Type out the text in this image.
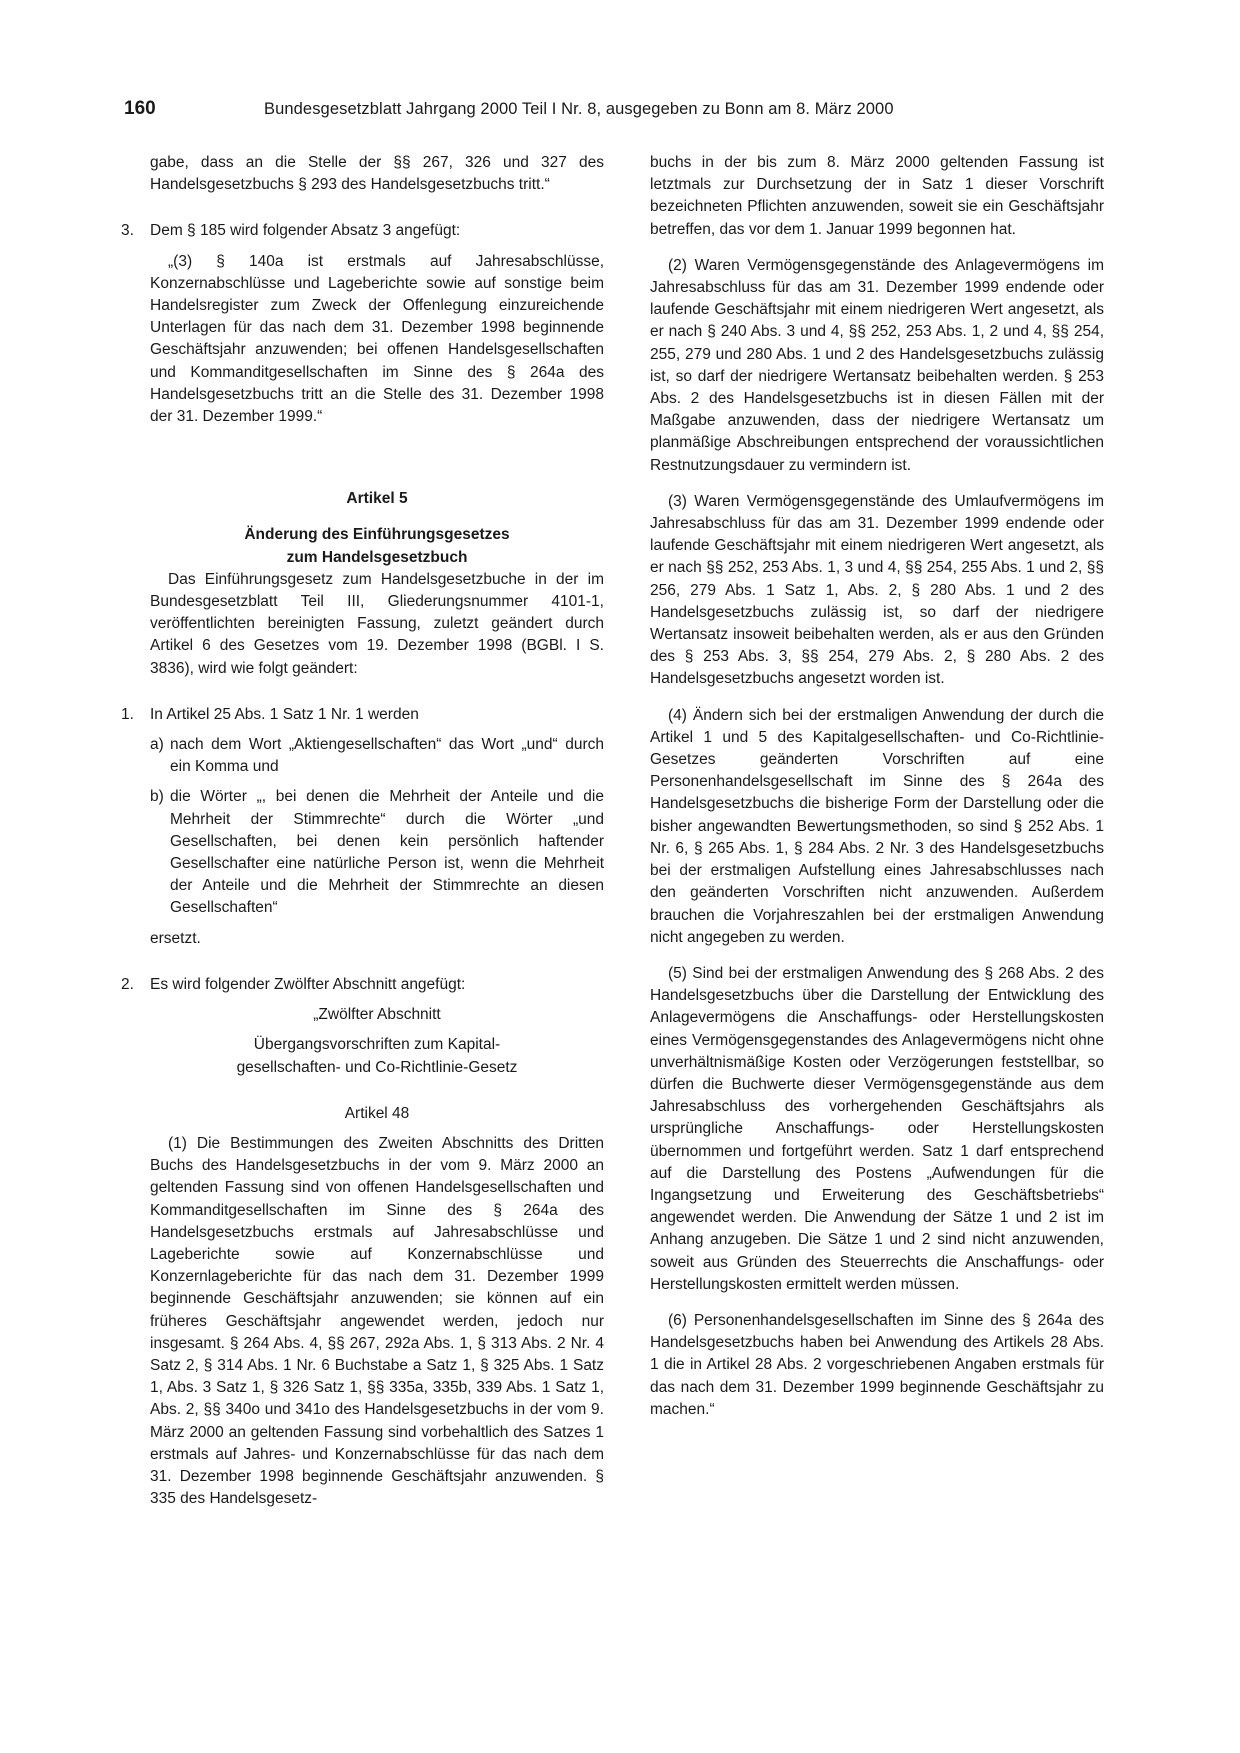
160	Bundesgesetzblatt Jahrgang 2000 Teil I Nr. 8, ausgegeben zu Bonn am 8. März 2000

gabe, dass an die Stelle der §§ 267, 326 und 327 des Handelsgesetzbuchs § 293 des Handelsgesetzbuchs tritt.“

3. Dem § 185 wird folgender Absatz 3 angefügt:

„(3) § 140a ist erstmals auf Jahresabschlüsse, Konzernabschlüsse und Lageberichte sowie auf sonstige beim Handelsregister zum Zweck der Offenlegung einzureichende Unterlagen für das nach dem 31. Dezember 1998 beginnende Geschäftsjahr anzuwenden; bei offenen Handelsgesellschaften und Kommanditgesellschaften im Sinne des § 264a des Handelsgesetzbuchs tritt an die Stelle des 31. Dezember 1998 der 31. Dezember 1999.“

Artikel 5

Änderung des Einführungsgesetzes

zum Handelsgesetzbuch

Das Einführungsgesetz zum Handelsgesetzbuche in der im Bundesgesetzblatt Teil III, Gliederungsnummer 4101-1, veröffentlichten bereinigten Fassung, zuletzt geändert durch Artikel 6 des Gesetzes vom 19. Dezember 1998 (BGBl. I S. 3836), wird wie folgt geändert:

1. In Artikel 25 Abs. 1 Satz 1 Nr. 1 werden

a) nach dem Wort „Aktiengesellschaften“ das Wort „und“ durch ein Komma und

b) die Wörter „, bei denen die Mehrheit der Anteile und die Mehrheit der Stimmrechte“ durch die Wörter „und Gesellschaften, bei denen kein persönlich haftender Gesellschafter eine natürliche Person ist, wenn die Mehrheit der Anteile und die Mehrheit der Stimmrechte an diesen Gesellschaften“

ersetzt.

2. Es wird folgender Zwölfter Abschnitt angefügt:

„Zwölfter Abschnitt

Übergangsvorschriften zum Kapital-

gesellschaften- und Co-Richtlinie-Gesetz

Artikel 48

(1) Die Bestimmungen des Zweiten Abschnitts des Dritten Buchs des Handelsgesetzbuchs in der vom 9. März 2000 an geltenden Fassung sind von offenen Handelsgesellschaften und Kommanditgesellschaften im Sinne des § 264a des Handelsgesetzbuchs erstmals auf Jahresabschlüsse und Lageberichte sowie auf Konzernabschlüsse und Konzernlageberichte für das nach dem 31. Dezember 1999 beginnende Geschäftsjahr anzuwenden; sie können auf ein früheres Geschäftsjahr angewendet werden, jedoch nur insgesamt. § 264 Abs. 4, §§ 267, 292a Abs. 1, § 313 Abs. 2 Nr. 4 Satz 2, § 314 Abs. 1 Nr. 6 Buchstabe a Satz 1, § 325 Abs. 1 Satz 1, Abs. 3 Satz 1, § 326 Satz 1, §§ 335a, 335b, 339 Abs. 1 Satz 1, Abs. 2, §§ 340o und 341o des Handelsgesetzbuchs in der vom 9. März 2000 an geltenden Fassung sind vorbehaltlich des Satzes 1 erstmals auf Jahres- und Konzernabschlüsse für das nach dem 31. Dezember 1998 beginnende Geschäftsjahr anzuwenden. § 335 des Handelsgesetz-

buchs in der bis zum 8. März 2000 geltenden Fassung ist letztmals zur Durchsetzung der in Satz 1 dieser Vorschrift bezeichneten Pflichten anzuwenden, soweit sie ein Geschäftsjahr betreffen, das vor dem 1. Januar 1999 begonnen hat.

(2) Waren Vermögensgegenstände des Anlagevermögens im Jahresabschluss für das am 31. Dezember 1999 endende oder laufende Geschäftsjahr mit einem niedrigeren Wert angesetzt, als er nach § 240 Abs. 3 und 4, §§ 252, 253 Abs. 1, 2 und 4, §§ 254, 255, 279 und 280 Abs. 1 und 2 des Handelsgesetzbuchs zulässig ist, so darf der niedrigere Wertansatz beibehalten werden. § 253 Abs. 2 des Handelsgesetzbuchs ist in diesen Fällen mit der Maßgabe anzuwenden, dass der niedrigere Wertansatz um planmäßige Abschreibungen entsprechend der voraussichtlichen Restnutzungsdauer zu vermindern ist.

(3) Waren Vermögensgegenstände des Umlaufvermögens im Jahresabschluss für das am 31. Dezember 1999 endende oder laufende Geschäftsjahr mit einem niedrigeren Wert angesetzt, als er nach §§ 252, 253 Abs. 1, 3 und 4, §§ 254, 255 Abs. 1 und 2, §§ 256, 279 Abs. 1 Satz 1, Abs. 2, § 280 Abs. 1 und 2 des Handelsgesetzbuchs zulässig ist, so darf der niedrigere Wertansatz insoweit beibehalten werden, als er aus den Gründen des § 253 Abs. 3, §§ 254, 279 Abs. 2, § 280 Abs. 2 des Handelsgesetzbuchs angesetzt worden ist.

(4) Ändern sich bei der erstmaligen Anwendung der durch die Artikel 1 und 5 des Kapitalgesellschaften- und Co-Richtlinie-Gesetzes geänderten Vorschriften auf eine Personenhandelsgesellschaft im Sinne des § 264a des Handelsgesetzbuchs die bisherige Form der Darstellung oder die bisher angewandten Bewertungsmethoden, so sind § 252 Abs. 1 Nr. 6, § 265 Abs. 1, § 284 Abs. 2 Nr. 3 des Handelsgesetzbuchs bei der erstmaligen Aufstellung eines Jahresabschlusses nach den geänderten Vorschriften nicht anzuwenden. Außerdem brauchen die Vorjahreszahlen bei der erstmaligen Anwendung nicht angegeben zu werden.

(5) Sind bei der erstmaligen Anwendung des § 268 Abs. 2 des Handelsgesetzbuchs über die Darstellung der Entwicklung des Anlagevermögens die Anschaffungs- oder Herstellungskosten eines Vermögensgegenstandes des Anlagevermögens nicht ohne unverhältnismäßige Kosten oder Verzögerungen feststellbar, so dürfen die Buchwerte dieser Vermögensgegenstände aus dem Jahresabschluss des vorhergehenden Geschäftsjahrs als ursprüngliche Anschaffungs- oder Herstellungskosten übernommen und fortgeführt werden. Satz 1 darf entsprechend auf die Darstellung des Postens „Aufwendungen für die Ingangsetzung und Erweiterung des Geschäftsbetriebs“ angewendet werden. Die Anwendung der Sätze 1 und 2 ist im Anhang anzugeben. Die Sätze 1 und 2 sind nicht anzuwenden, soweit aus Gründen des Steuerrechts die Anschaffungs- oder Herstellungskosten ermittelt werden müssen.

(6) Personenhandelsgesellschaften im Sinne des § 264a des Handelsgesetzbuchs haben bei Anwendung des Artikels 28 Abs. 1 die in Artikel 28 Abs. 2 vorgeschriebenen Angaben erstmals für das nach dem 31. Dezember 1999 beginnende Geschäftsjahr zu machen.“
